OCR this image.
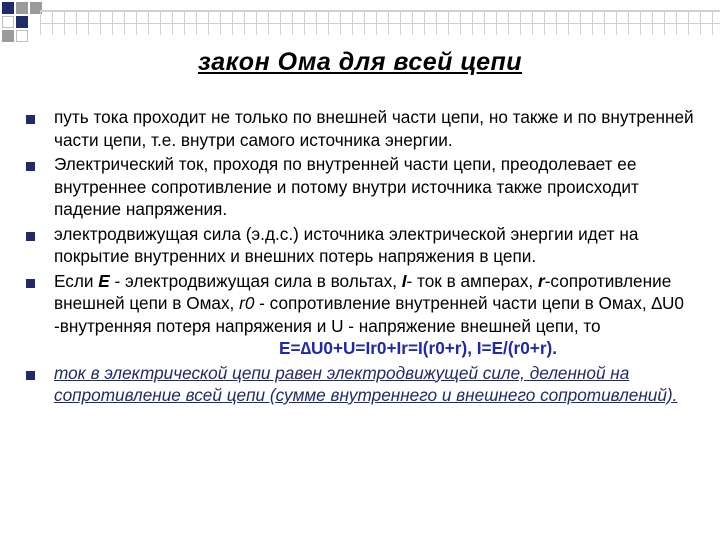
закон Ома для всей цепи
путь тока проходит не только по внешней части цепи, но также и по внутренней части цепи, т.е. внутри самого источника энергии.
Электрический ток, проходя по внутренней части цепи, преодолевает ее внутреннее сопротивление и потому внутри источника также происходит падение напряжения.
электродвижущая сила (э.д.с.) источника электрической энергии идет на покрытие внутренних и внешних потерь напряжения в цепи.
Если Е - электродвижущая сила в вольтах, I- ток в амперах, r-сопротивление внешней цепи в Омах, r0 - сопротивление внутренней части цепи в Омах, ∆U0 -внутренняя потеря напряжения и U - напряжение внешней цепи, то
E=∆U0+U=Ir0+Ir=I(r0+r), I=E/(r0+r).
ток в электрической цепи равен электродвижущей силе, деленной на сопротивление всей цепи (сумме внутреннего и внешнего сопротивлений).
